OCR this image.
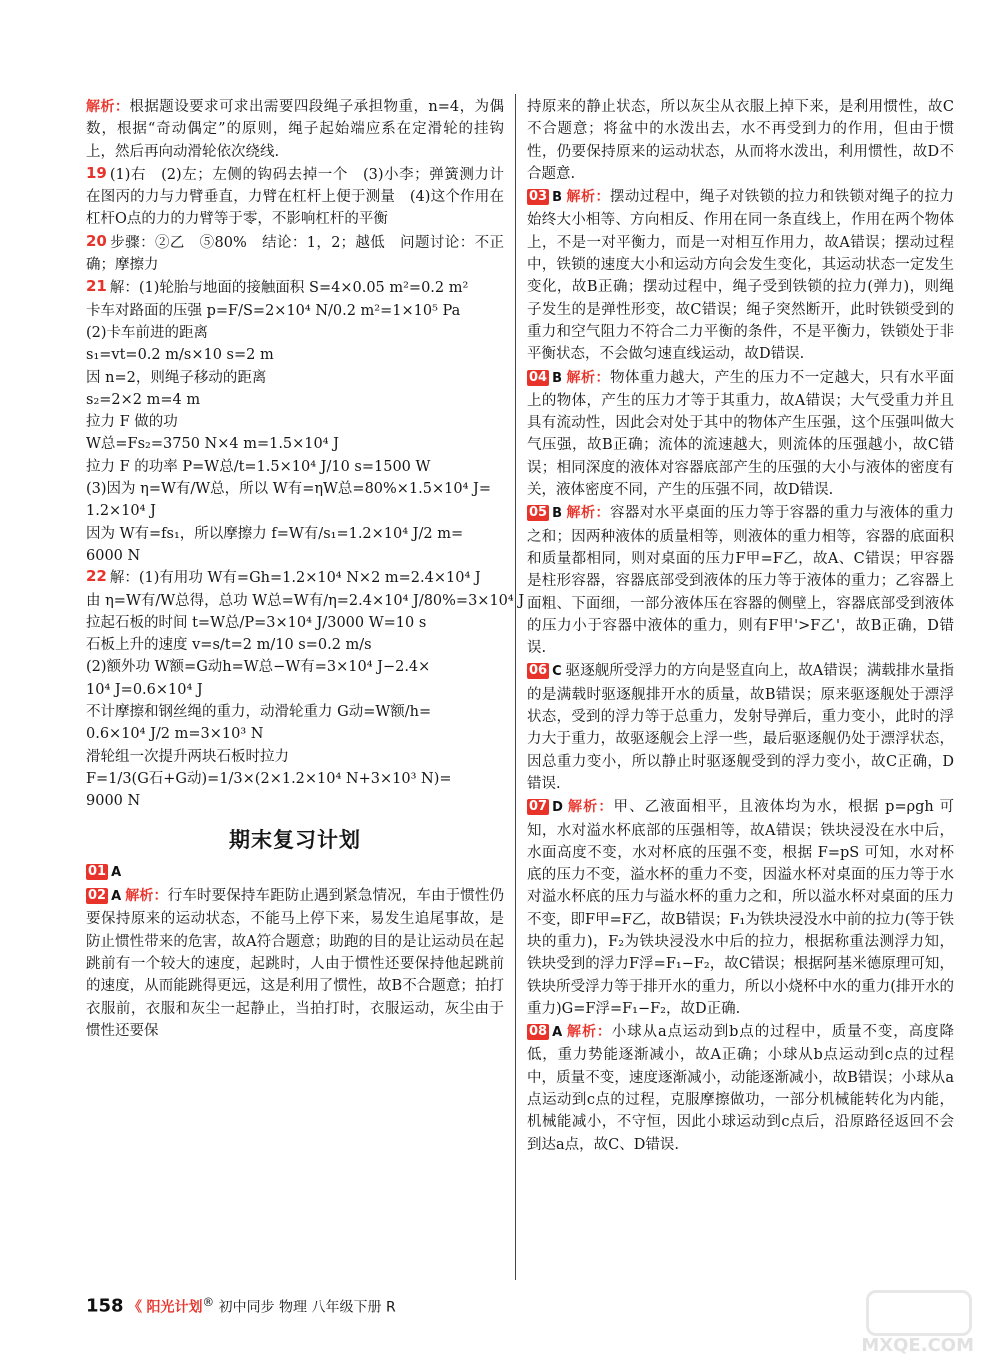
解析：根据题设要求可求出需要四段绳子承担物重，n=4，为偶数，根据“奇动偶定”的原则，绳子起始端应系在定滑轮的挂钩上，然后再向动滑轮依次绕线.

19 (1)右　(2)左；左侧的钩码去掉一个　(3)小李；弹簧测力计在图丙的力与力臂垂直，力臂在杠杆上便于测量　(4)这个作用在杠杆O点的力的力臂等于零，不影响杠杆的平衡

20 步骤：②乙　⑤80%　结论：1，2；越低　问题讨论：不正确；摩擦力

21 解：(1)轮胎与地面的接触面积 S=4×0.05 m²=0.2 m²

卡车对路面的压强 p=F/S=2×10⁴ N/0.2 m²=1×10⁵ Pa

(2)卡车前进的距离

s₁=vt=0.2 m/s×10 s=2 m

因 n=2，则绳子移动的距离

s₂=2×2 m=4 m

拉力 F 做的功

W总=Fs₂=3750 N×4 m=1.5×10⁴ J

拉力 F 的功率 P=W总/t=1.5×10⁴ J/10 s=1500 W

(3)因为 η=W有/W总，所以 W有=ηW总=80%×1.5×10⁴ J=

1.2×10⁴ J

因为 W有=fs₁，所以摩擦力 f=W有/s₁=1.2×10⁴ J/2 m=

6000 N

22 解：(1)有用功 W有=Gh=1.2×10⁴ N×2 m=2.4×10⁴ J

由 η=W有/W总得，总功 W总=W有/η=2.4×10⁴ J/80%=3×10⁴ J

拉起石板的时间 t=W总/P=3×10⁴ J/3000 W=10 s

石板上升的速度 v=s/t=2 m/10 s=0.2 m/s

(2)额外功 W额=G动h=W总−W有=3×10⁴ J−2.4×

10⁴ J=0.6×10⁴ J

不计摩擦和钢丝绳的重力，动滑轮重力 G动=W额/h=

0.6×10⁴ J/2 m=3×10³ N

滑轮组一次提升两块石板时拉力

F=1/3(G石+G动)=1/3×(2×1.2×10⁴ N+3×10³ N)=

9000 N

期末复习计划

01 A

02 A 解析：行车时要保持车距防止遇到紧急情况，车由于惯性仍要保持原来的运动状态，不能马上停下来，易发生追尾事故，是防止惯性带来的危害，故A符合题意；助跑的目的是让运动员在起跳前有一个较大的速度，起跳时，人由于惯性还要保持他起跳前的速度，从而能跳得更远，这是利用了惯性，故B不合题意；拍打衣服前，衣服和灰尘一起静止，当拍打时，衣服运动，灰尘由于惯性还要保

持原来的静止状态，所以灰尘从衣服上掉下来，是利用惯性，故C不合题意；将盆中的水泼出去，水不再受到力的作用，但由于惯性，仍要保持原来的运动状态，从而将水泼出，利用惯性，故D不合题意.

03 B 解析：摆动过程中，绳子对铁锁的拉力和铁锁对绳子的拉力始终大小相等、方向相反、作用在同一条直线上，作用在两个物体上，不是一对平衡力，而是一对相互作用力，故A错误；摆动过程中，铁锁的速度大小和运动方向会发生变化，其运动状态一定发生变化，故B正确；摆动过程中，绳子受到铁锁的拉力(弹力)，则绳子发生的是弹性形变，故C错误；绳子突然断开，此时铁锁受到的重力和空气阻力不符合二力平衡的条件，不是平衡力，铁锁处于非平衡状态，不会做匀速直线运动，故D错误.

04 B 解析：物体重力越大，产生的压力不一定越大，只有水平面上的物体，产生的压力才等于其重力，故A错误；大气受重力并且具有流动性，因此会对处于其中的物体产生压强，这个压强叫做大气压强，故B正确；流体的流速越大，则流体的压强越小，故C错误；相同深度的液体对容器底部产生的压强的大小与液体的密度有关，液体密度不同，产生的压强不同，故D错误.

05 B 解析：容器对水平桌面的压力等于容器的重力与液体的重力之和；因两种液体的质量相等，则液体的重力相等，容器的底面积和质量都相同，则对桌面的压力F甲=F乙，故A、C错误；甲容器是柱形容器，容器底部受到液体的压力等于液体的重力；乙容器上面粗、下面细，一部分液体压在容器的侧壁上，容器底部受到液体的压力小于容器中液体的重力，则有F甲'>F乙'，故B正确，D错误.

06 C 驱逐舰所受浮力的方向是竖直向上，故A错误；满载排水量指的是满载时驱逐舰排开水的质量，故B错误；原来驱逐舰处于漂浮状态，受到的浮力等于总重力，发射导弹后，重力变小，此时的浮力大于重力，故驱逐舰会上浮一些，最后驱逐舰仍处于漂浮状态，因总重力变小，所以静止时驱逐舰受到的浮力变小，故C正确，D错误.

07 D 解析：甲、乙液面相平，且液体均为水，根据 p=ρgh 可知，水对溢水杯底部的压强相等，故A错误；铁块浸没在水中后，水面高度不变，水对杯底的压强不变，根据 F=pS 可知，水对杯底的压力不变，溢水杯的重力不变，因溢水杯对桌面的压力等于水对溢水杯底的压力与溢水杯的重力之和，所以溢水杯对桌面的压力不变，即F甲=F乙，故B错误；F₁为铁块浸没水中前的拉力(等于铁块的重力)，F₂为铁块浸没水中后的拉力，根据称重法测浮力知，铁块受到的浮力F浮=F₁−F₂，故C错误；根据阿基米德原理可知，铁块所受浮力等于排开水的重力，所以小烧杯中水的重力(排开水的重力)G=F浮=F₁−F₂，故D正确.

08 A 解析：小球从a点运动到b点的过程中，质量不变，高度降低，重力势能逐渐减小，故A正确；小球从b点运动到c点的过程中，质量不变，速度逐渐减小，动能逐渐减小，故B错误；小球从a点运动到c点的过程，克服摩擦做功，一部分机械能转化为内能，机械能减小，不守恒，因此小球运动到c点后，沿原路径返回不会到达a点，故C、D错误.

158 《 阳光计划® 初中同步 物理 八年级下册 R
MXQE.COM
